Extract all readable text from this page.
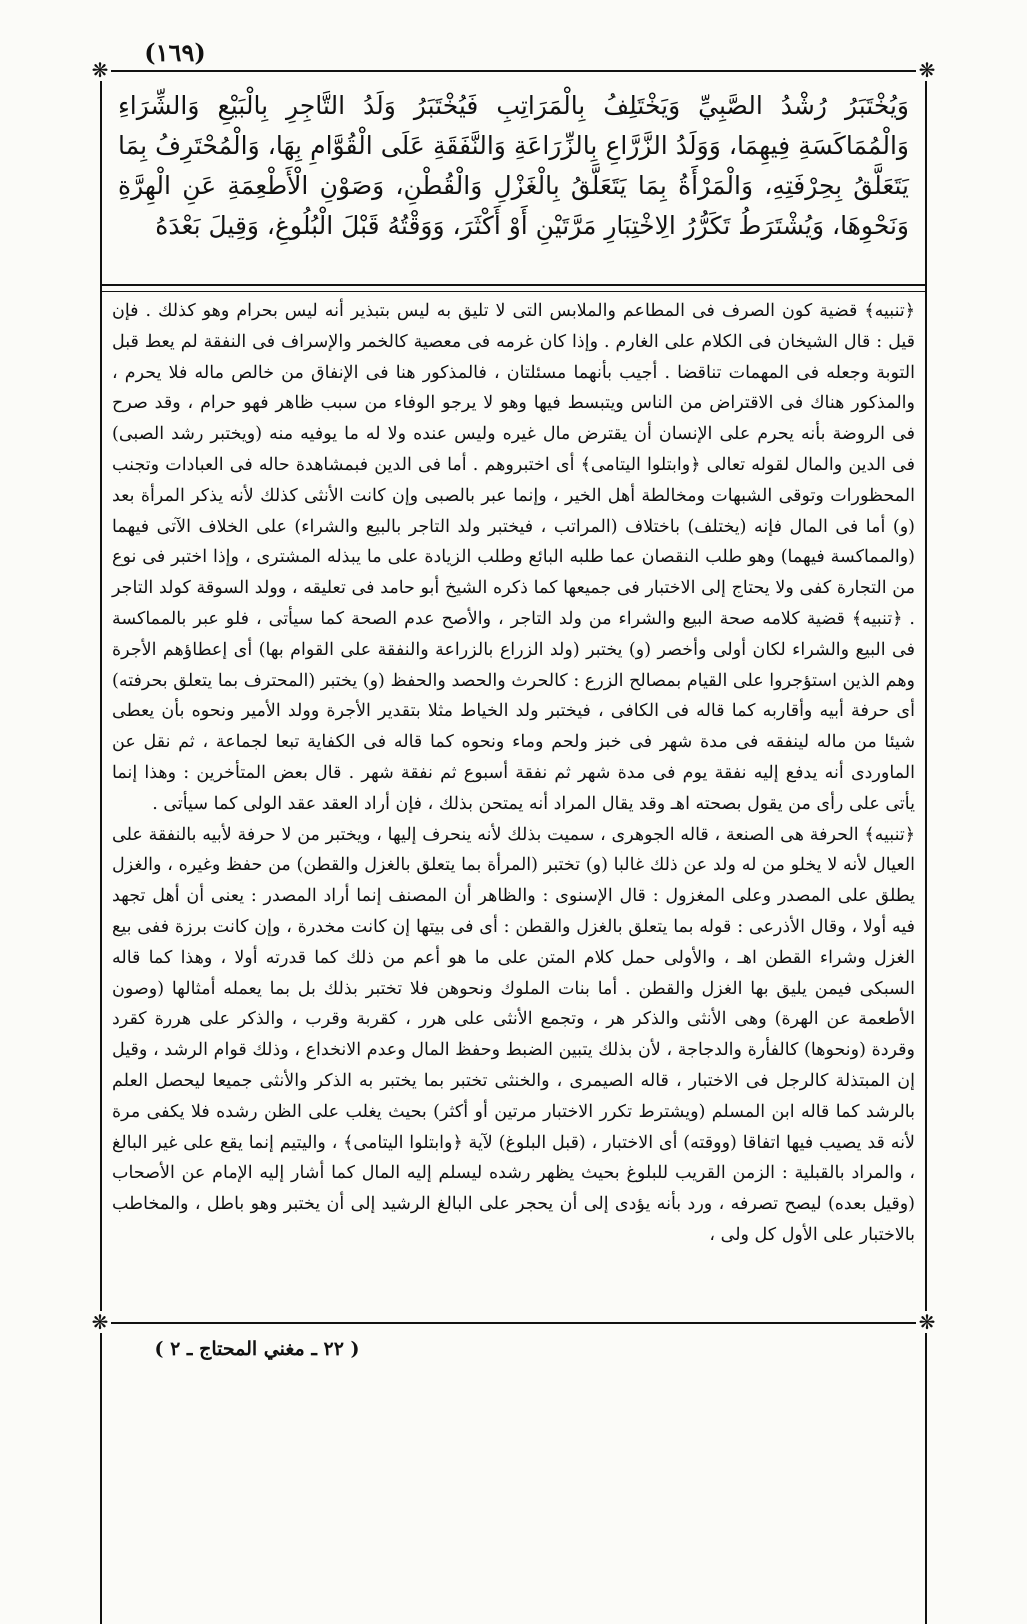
(١٦٩)
❋	❋
❋	❋
وَيُخْتَبَرُ رُشْدُ الصَّبِيِّ وَيَخْتَلِفُ بِالْمَرَاتِبِ فَيُخْتَبَرُ وَلَدُ التَّاجِرِ بِالْبَيْعِ وَالشِّرَاءِ وَالْمُمَاكَسَةِ فِيهِمَا، وَوَلَدُ الزَّرَّاعِ بِالزِّرَاعَةِ وَالنَّفَقَةِ عَلَى الْقُوَّامِ بِهَا، وَالْمُحْتَرِفُ بِمَا يَتَعَلَّقُ بِحِرْفَتِهِ، وَالْمَرْأَةُ بِمَا يَتَعَلَّقُ بِالْغَزْلِ وَالْقُطْنِ، وَصَوْنِ الْأَطْعِمَةِ عَنِ الْهِرَّةِ وَنَحْوِهَا، وَيُشْتَرَطُ تَكَرُّرُ الِاخْتِبَارِ مَرَّتَيْنِ أَوْ أَكْثَرَ، وَوَقْتُهُ قَبْلَ الْبُلُوغِ، وَقِيلَ بَعْدَهُ

﴿تنبيه﴾ قضية كون الصرف فى المطاعم والملابس التى لا تليق به ليس بتبذير أنه ليس بحرام وهو كذلك . فإن قيل : قال الشيخان فى الكلام على الغارم . وإذا كان غرمه فى معصية كالخمر والإسراف فى النفقة لم يعط قبل التوبة وجعله فى المهمات تناقضا . أجيب بأنهما مسئلتان ، فالمذكور هنا فى الإنفاق من خالص ماله فلا يحرم ، والمذكور هناك فى الاقتراض من الناس ويتبسط فيها وهو لا يرجو الوفاء من سبب ظاهر فهو حرام ، وقد صرح فى الروضة بأنه يحرم على الإنسان أن يقترض مال غيره وليس عنده ولا له ما يوفيه منه (ويختبر رشد الصبى) فى الدين والمال لقوله تعالى ﴿وابتلوا اليتامى﴾ أى اختبروهم . أما فى الدين فبمشاهدة حاله فى العبادات وتجنب المحظورات وتوقى الشبهات ومخالطة أهل الخير ، وإنما عبر بالصبى وإن كانت الأنثى كذلك لأنه يذكر المرأة بعد (و) أما فى المال فإنه (يختلف) باختلاف (المراتب ، فيختبر ولد التاجر بالبيع والشراء) على الخلاف الآتى فيهما (والمماكسة فيهما) وهو طلب النقصان عما طلبه البائع وطلب الزيادة على ما يبذله المشترى ، وإذا اختبر فى نوع من التجارة كفى ولا يحتاج إلى الاختبار فى جميعها كما ذكره الشيخ أبو حامد فى تعليقه ، وولد السوقة كولد التاجر . ﴿تنبيه﴾ قضية كلامه صحة البيع والشراء من ولد التاجر ، والأصح عدم الصحة كما سيأتى ، فلو عبر بالمماكسة فى البيع والشراء لكان أولى وأخصر (و) يختبر (ولد الزراع بالزراعة والنفقة على القوام بها) أى إعطاؤهم الأجرة وهم الذين استؤجروا على القيام بمصالح الزرع : كالحرث والحصد والحفظ (و) يختبر (المحترف بما يتعلق بحرفته) أى حرفة أبيه وأقاربه كما قاله فى الكافى ، فيختبر ولد الخياط مثلا بتقدير الأجرة وولد الأمير ونحوه بأن يعطى شيئا من ماله لينفقه فى مدة شهر فى خبز ولحم وماء ونحوه كما قاله فى الكفاية تبعا لجماعة ، ثم نقل عن الماوردى أنه يدفع إليه نفقة يوم فى مدة شهر ثم نفقة أسبوع ثم نفقة شهر . قال بعض المتأخرين : وهذا إنما يأتى على رأى من يقول بصحته اهـ وقد يقال المراد أنه يمتحن بذلك ، فإن أراد العقد عقد الولى كما سيأتى .

﴿تنبيه﴾ الحرفة هى الصنعة ، قاله الجوهرى ، سميت بذلك لأنه ينحرف إليها ، ويختبر من لا حرفة لأبيه بالنفقة على العيال لأنه لا يخلو من له ولد عن ذلك غالبا (و) تختبر (المرأة بما يتعلق بالغزل والقطن) من حفظ وغيره ، والغزل يطلق على المصدر وعلى المغزول : قال الإسنوى : والظاهر أن المصنف إنما أراد المصدر : يعنى أن أهل تجهد فيه أولا ، وقال الأذرعى : قوله بما يتعلق بالغزل والقطن : أى فى بيتها إن كانت مخدرة ، وإن كانت برزة ففى بيع الغزل وشراء القطن اهـ ، والأولى حمل كلام المتن على ما هو أعم من ذلك كما قدرته أولا ، وهذا كما قاله السبكى فيمن يليق بها الغزل والقطن . أما بنات الملوك ونحوهن فلا تختبر بذلك بل بما يعمله أمثالها (وصون الأطعمة عن الهرة) وهى الأنثى والذكر هر ، وتجمع الأنثى على هرر ، كقربة وقرب ، والذكر على هررة كقرد وقردة (ونحوها) كالفأرة والدجاجة ، لأن بذلك يتبين الضبط وحفظ المال وعدم الانخداع ، وذلك قوام الرشد ، وقيل إن المبتذلة كالرجل فى الاختبار ، قاله الصيمرى ، والخنثى تختبر بما يختبر به الذكر والأنثى جميعا ليحصل العلم بالرشد كما قاله ابن المسلم (ويشترط تكرر الاختبار مرتين أو أكثر) بحيث يغلب على الظن رشده فلا يكفى مرة لأنه قد يصيب فيها اتفاقا (ووقته) أى الاختبار ، (قبل البلوغ) لآية ﴿وابتلوا اليتامى﴾ ، واليتيم إنما يقع على غير البالغ ، والمراد بالقبلية : الزمن القريب للبلوغ بحيث يظهر رشده ليسلم إليه المال كما أشار إليه الإمام عن الأصحاب (وقيل بعده) ليصح تصرفه ، ورد بأنه يؤدى إلى أن يحجر على البالغ الرشيد إلى أن يختبر وهو باطل ، والمخاطب بالاختبار على الأول كل ولى ،

( ٢٢ ـ مغني المحتاج ـ ٢ )
